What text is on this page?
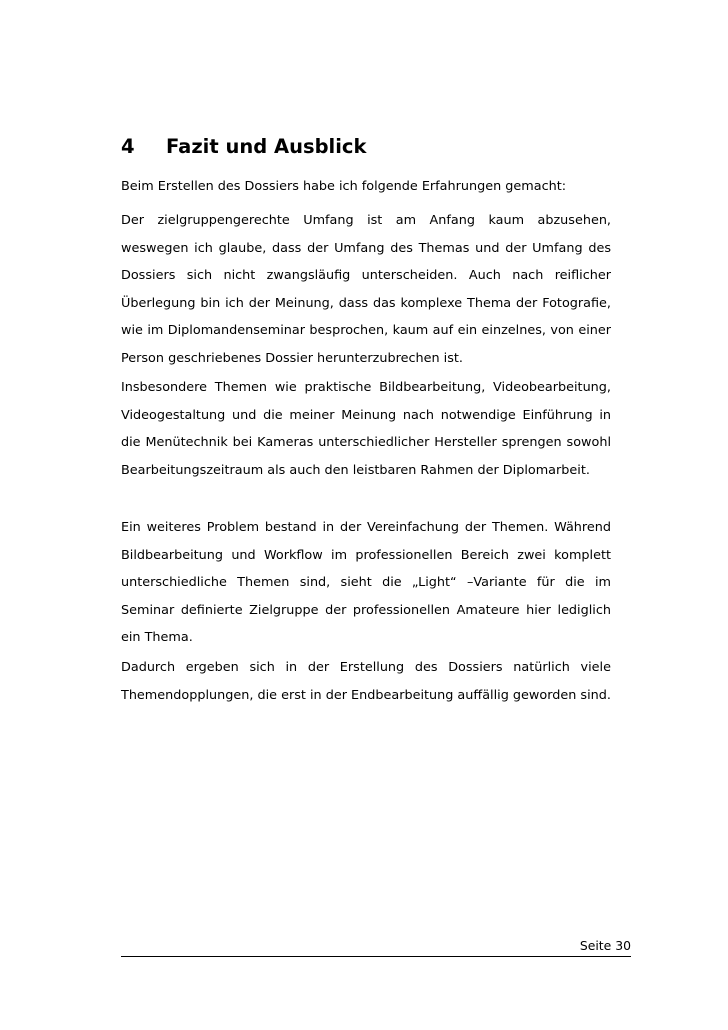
4 Fazit und Ausblick
Beim Erstellen des Dossiers habe ich folgende Erfahrungen gemacht:

Der zielgruppengerechte Umfang ist am Anfang kaum abzusehen, weswegen ich glaube, dass der Umfang des Themas und der Umfang des Dossiers sich nicht zwangsläufig unterscheiden. Auch nach reiflicher Überlegung bin ich der Meinung, dass das komplexe Thema der Fotografie, wie im Diplomandenseminar besprochen, kaum auf ein einzelnes, von einer Person geschriebenes Dossier herunterzubrechen ist.

Insbesondere Themen wie praktische Bildbearbeitung, Videobearbeitung, Videogestaltung und die meiner Meinung nach notwendige Einführung in die Menütechnik bei Kameras unterschiedlicher Hersteller sprengen sowohl Bearbeitungszeitraum als auch den leistbaren Rahmen der Diplomarbeit.

Ein weiteres Problem bestand in der Vereinfachung der Themen. Während Bildbearbeitung und Workflow im professionellen Bereich zwei komplett unterschiedliche Themen sind, sieht die „Light“ –Variante für die im Seminar definierte Zielgruppe der professionellen Amateure hier lediglich ein Thema.

Dadurch ergeben sich in der Erstellung des Dossiers natürlich viele Themendopplungen, die erst in der Endbearbeitung auffällig geworden sind.

Seite 30
